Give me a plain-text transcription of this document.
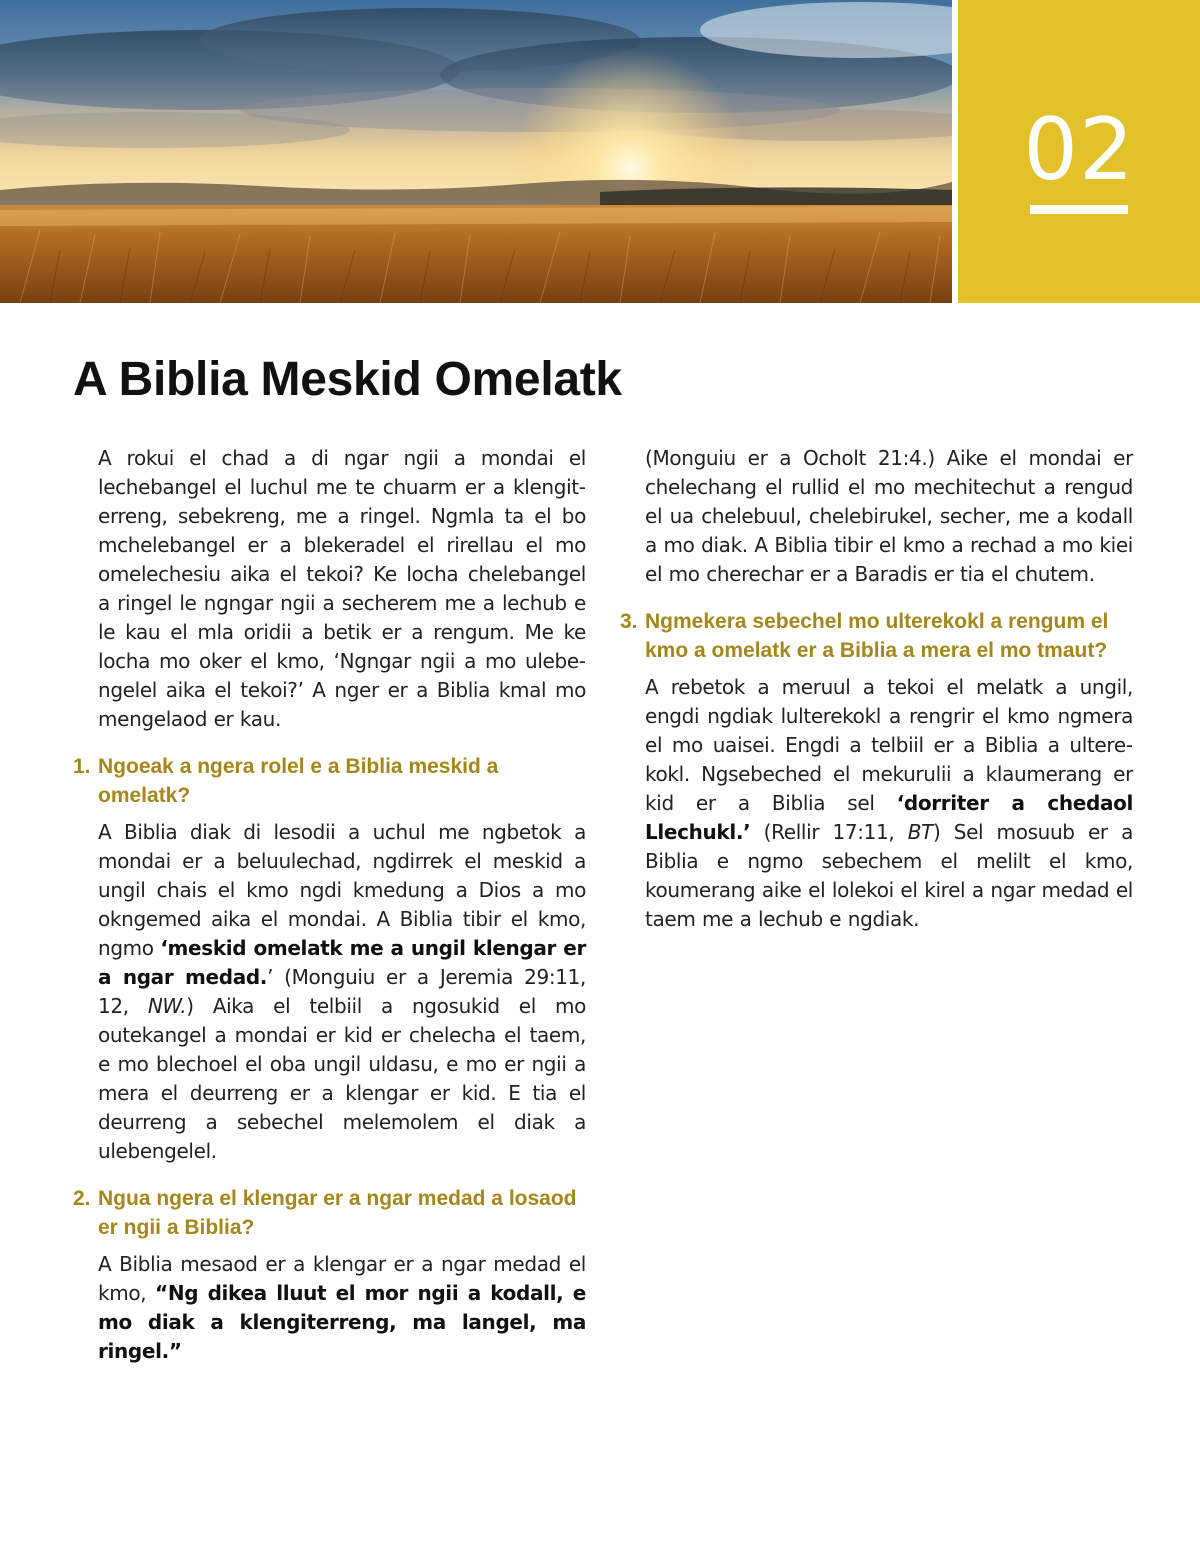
02
A Biblia Meskid Omelatk

A rokui el chad a di ngar ngii a mondai el lechebangel el luchul me te chuarm er a klengiterreng, sebekreng, me a ringel. Ngmla ta el bo mchelebangel er a blekeradel el rirellau el mo omelechesiu aika el tekoi? Ke locha chelebangel a ringel le ngngar ngii a secherem me a lechub e le kau el mla oridii a betik er a rengum. Me ke locha mo oker el kmo, ‘Ngngar ngii a mo ulebengelel aika el tekoi?’ A nger er a Biblia kmal mo mengelaod er kau.

1. Ngoeak a ngera rolel e a Biblia meskid a omelatk?

A Biblia diak di lesodii a uchul me ngbetok a mondai er a beluulechad, ngdirrek el meskid a ungil chais el kmo ngdi kmedung a Dios a mo okngemed aika el mondai. A Biblia tibir el kmo, ngmo ‘meskid omelatk me a ungil klengar er a ngar medad.’ (Monguiu er a Jeremia 29:11, 12, NW.) Aika el telbiil a ngosukid el mo outekangel a mondai er kid er chelecha el taem, e mo blechoel el oba ungil uldasu, e mo er ngii a mera el deurreng er a klengar er kid. E tia el deurreng a sebechel melemolem el diak a ulebengelel.

2. Ngua ngera el klengar er a ngar medad a losaod er ngii a Biblia?

A Biblia mesaod er a klengar er a ngar medad el kmo, “Ng dikea lluut el mor ngii a kodall, e mo diak a klengiterreng, ma langel, ma ringel.”

(Monguiu er a Ocholt 21:4.) Aike el mondai er chelechang el rullid el mo mechitechut a rengud el ua chelebuul, chelebirukel, secher, me a kodall a mo diak. A Biblia tibir el kmo a rechad a mo kiei el mo cherechar er a Baradis er tia el chutem.

3. Ngmekera sebechel mo ulterekokl a rengum el kmo a omelatk er a Biblia a mera el mo tmaut?

A rebetok a meruul a tekoi el melatk a ungil, engdi ngdiak lulterekokl a rengrir el kmo ngmera el mo uaisei. Engdi a telbiil er a Biblia a ulterekokl. Ngsebeched el mekurulii a klaumerang er kid er a Biblia sel ‘dorriter a chedaol Llechukl.’ (Rellir 17:11, BT) Sel mosuub er a Biblia e ngmo sebechem el melilt el kmo, koumerang aike el lolekoi el kirel a ngar medad el taem me a lechub e ngdiak.
